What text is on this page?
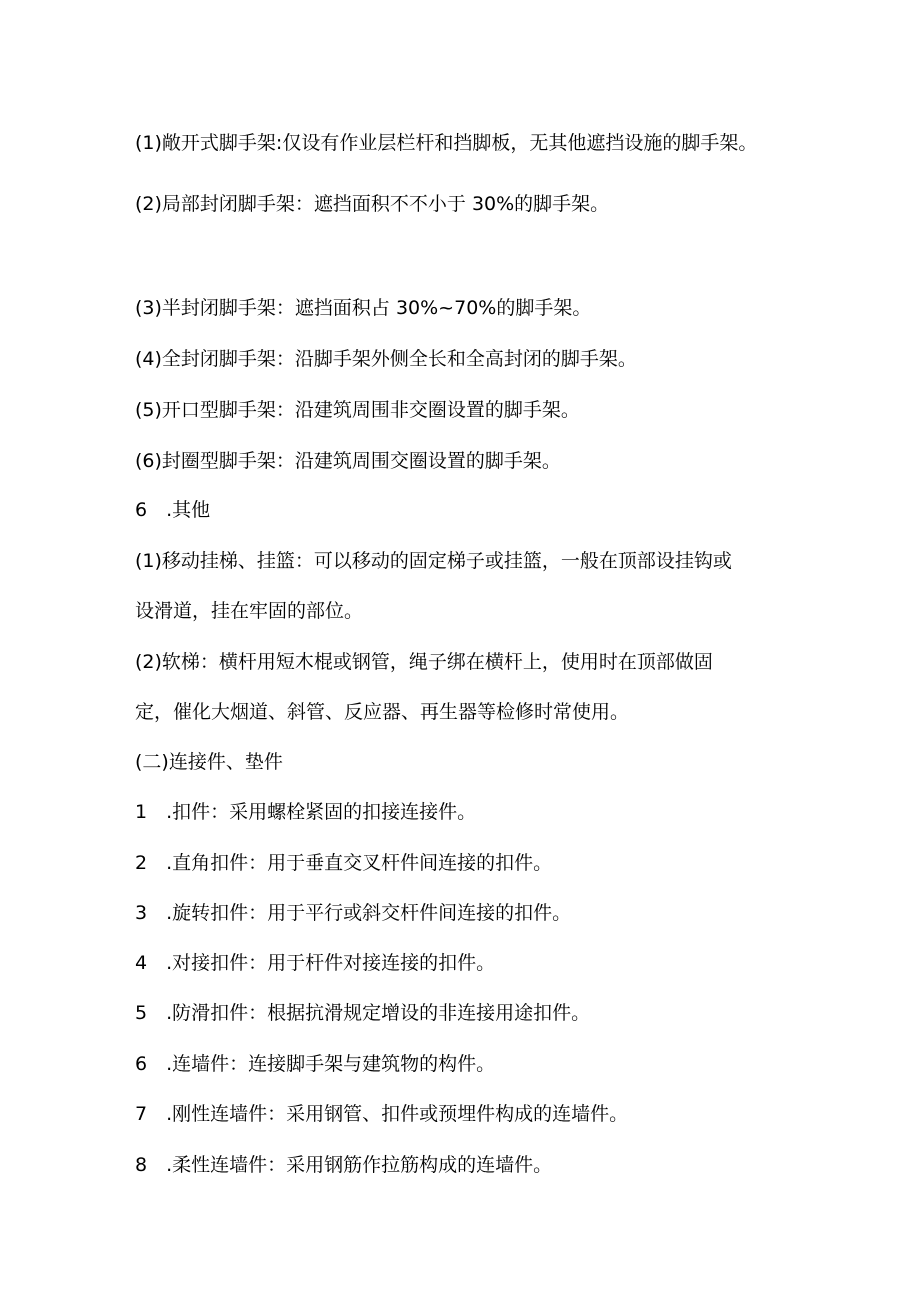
(1)敞开式脚手架:仅设有作业层栏杆和挡脚板，无其他遮挡设施的脚手架。
(2)局部封闭脚手架：遮挡面积不不小于 30%的脚手架。
(3)半封闭脚手架：遮挡面积占 30%~70%的脚手架。
(4)全封闭脚手架：沿脚手架外侧全长和全高封闭的脚手架。
(5)开口型脚手架：沿建筑周围非交圈设置的脚手架。
(6)封圈型脚手架：沿建筑周围交圈设置的脚手架。
6 .其他
(1)移动挂梯、挂篮：可以移动的固定梯子或挂篮，一般在顶部设挂钩或
设滑道，挂在牢固的部位。
(2)软梯：横杆用短木棍或钢管，绳子绑在横杆上，使用时在顶部做固
定，催化大烟道、斜管、反应器、再生器等检修时常使用。
(二)连接件、垫件
1 .扣件：采用螺栓紧固的扣接连接件。
2 .直角扣件：用于垂直交叉杆件间连接的扣件。
3 .旋转扣件：用于平行或斜交杆件间连接的扣件。
4 .对接扣件：用于杆件对接连接的扣件。
5 .防滑扣件：根据抗滑规定增设的非连接用途扣件。
6 .连墙件：连接脚手架与建筑物的构件。
7 .刚性连墙件：采用钢管、扣件或预埋件构成的连墙件。
8 .柔性连墙件：采用钢筋作拉筋构成的连墙件。
